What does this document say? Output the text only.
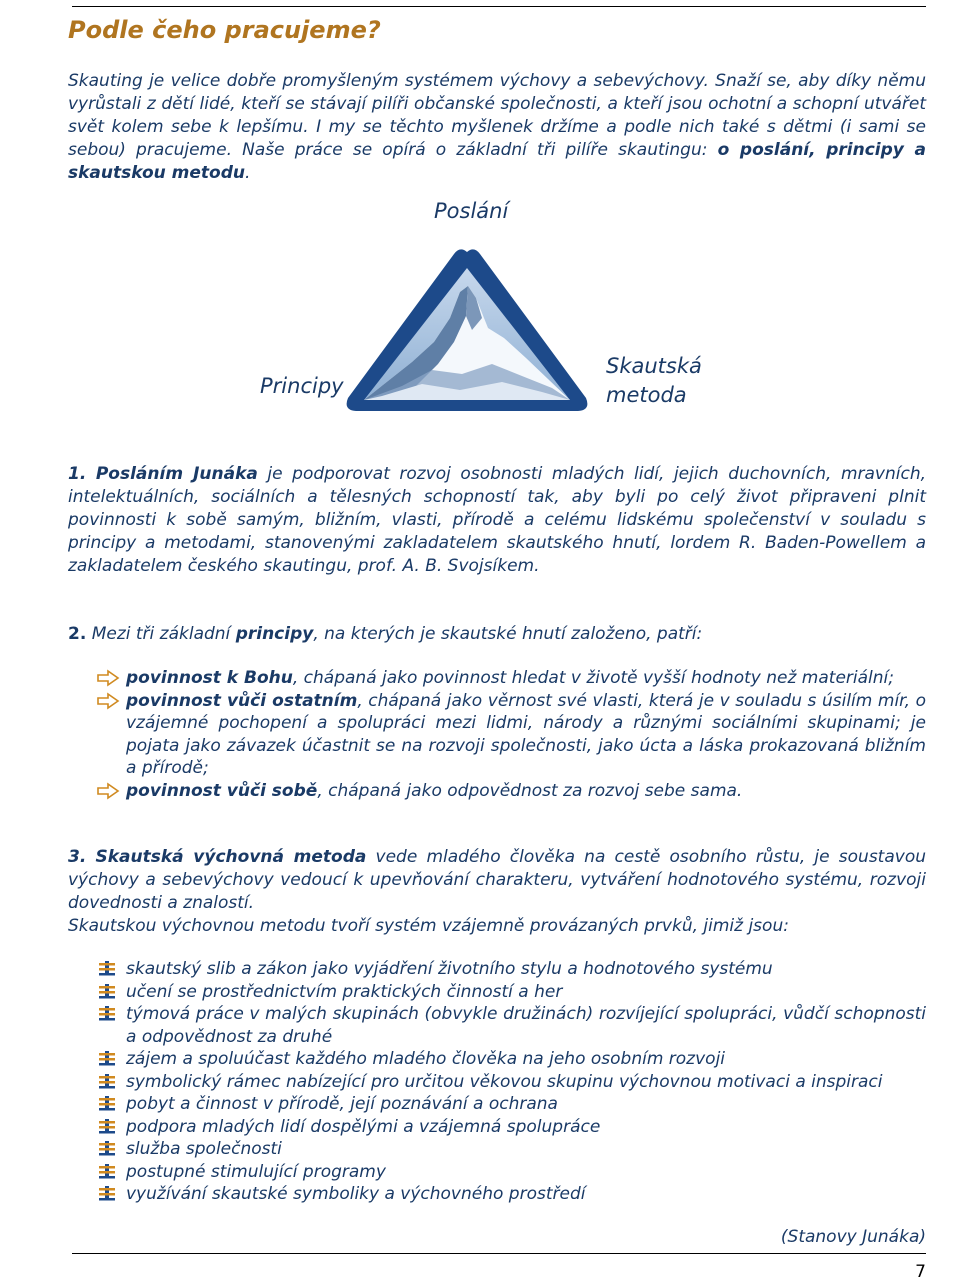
Podle čeho pracujeme?
Skauting je velice dobře promyšleným systémem výchovy a sebevýchovy. Snaží se, aby díky němu vyrůstali z dětí lidé, kteří se stávají pilíři občanské společnosti, a kteří jsou ochotní a schopní utvářet svět kolem sebe k lepšímu. I my se těchto myšlenek držíme a podle nich také s dětmi (i sami se sebou) pracujeme. Naše práce se opírá o základní tři pilíře skautingu: o poslání, principy a skautskou metodu.
Poslání
Principy
Skautská
metoda
1. Posláním Junáka je podporovat rozvoj osobnosti mladých lidí, jejich duchovních, mravních, intelektuálních, sociálních a tělesných schopností tak, aby byli po celý život připraveni plnit povinnosti k sobě samým, bližním, vlasti, přírodě a celému lidskému společenství v souladu s principy a metodami, stanovenými zakladatelem skautského hnutí, lordem R. Baden-Powellem a zakladatelem českého skautingu, prof. A. B. Svojsíkem.
2. Mezi tři základní principy, na kterých je skautské hnutí založeno, patří:
povinnost k Bohu, chápaná jako povinnost hledat v životě vyšší hodnoty než materiální;
povinnost vůči ostatním, chápaná jako věrnost své vlasti, která je v souladu s úsilím mír, o vzájemné pochopení a spolupráci mezi lidmi, národy a různými sociálními skupinami; je pojata jako závazek účastnit se na rozvoji společnosti, jako úcta a láska prokazovaná bližním a přírodě;
povinnost vůči sobě, chápaná jako odpovědnost za rozvoj sebe sama.
3. Skautská výchovná metoda vede mladého člověka na cestě osobního růstu, je soustavou výchovy a sebevýchovy vedoucí k upevňování charakteru, vytváření hodnotového systému, rozvoji dovednosti a znalostí.
Skautskou výchovnou metodu tvoří systém vzájemně provázaných prvků, jimiž jsou:
skautský slib a zákon jako vyjádření životního stylu a hodnotového systému
učení se prostřednictvím praktických činností a her
týmová práce v malých skupinách (obvykle družinách) rozvíjející spolupráci, vůdčí schopnosti a odpovědnost za druhé
zájem a spoluúčast každého mladého člověka na jeho osobním rozvoji
symbolický rámec nabízející pro určitou věkovou skupinu výchovnou motivaci a inspiraci
pobyt a činnost v přírodě, její poznávání a ochrana
podpora mladých lidí dospělými a vzájemná spolupráce
služba společnosti
postupné stimulující programy
využívání skautské symboliky a výchovného prostředí
(Stanovy Junáka)
7
